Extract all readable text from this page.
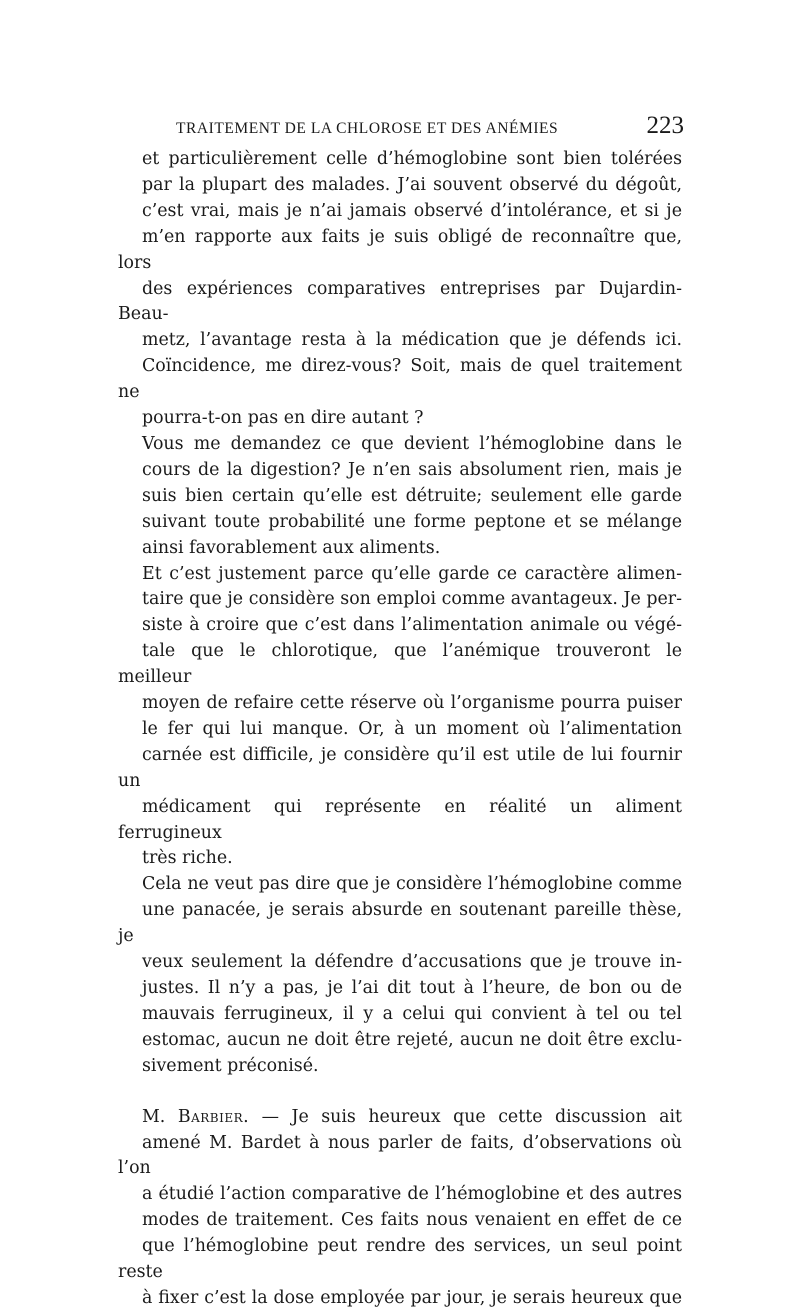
TRAITEMENT DE LA CHLOROSE ET DES ANÉMIES	223

et particulièrement celle d’hémoglobine sont bien tolérées
par la plupart des malades. J’ai souvent observé du dégoût,
c’est vrai, mais je n’ai jamais observé d’intolérance, et si je
m’en rapporte aux faits je suis obligé de reconnaître que, lors
des expériences comparatives entreprises par Dujardin-Beau-
metz, l’avantage resta à la médication que je défends ici.
Coïncidence, me direz-vous? Soit, mais de quel traitement ne
pourra-t-on pas en dire autant ?

Vous me demandez ce que devient l’hémoglobine dans le
cours de la digestion? Je n’en sais absolument rien, mais je
suis bien certain qu’elle est détruite; seulement elle garde
suivant toute probabilité une forme peptone et se mélange
ainsi favorablement aux aliments.

Et c’est justement parce qu’elle garde ce caractère alimen-
taire que je considère son emploi comme avantageux. Je per-
siste à croire que c’est dans l’alimentation animale ou végé-
tale que le chlorotique, que l’anémique trouveront le meilleur
moyen de refaire cette réserve où l’organisme pourra puiser
le fer qui lui manque. Or, à un moment où l’alimentation
carnée est difficile, je considère qu’il est utile de lui fournir un
médicament qui représente en réalité un aliment ferrugineux
très riche.

Cela ne veut pas dire que je considère l’hémoglobine comme
une panacée, je serais absurde en soutenant pareille thèse, je
veux seulement la défendre d’accusations que je trouve in-
justes. Il n’y a pas, je l’ai dit tout à l’heure, de bon ou de
mauvais ferrugineux, il y a celui qui convient à tel ou tel
estomac, aucun ne doit être rejeté, aucun ne doit être exclu-
sivement préconisé.

M. Barbier. — Je suis heureux que cette discussion ait
amené M. Bardet à nous parler de faits, d’observations où l’on
a étudié l’action comparative de l’hémoglobine et des autres
modes de traitement. Ces faits nous venaient en effet de ce
que l’hémoglobine peut rendre des services, un seul point reste
à fixer c’est la dose employée par jour, je serais heureux que
